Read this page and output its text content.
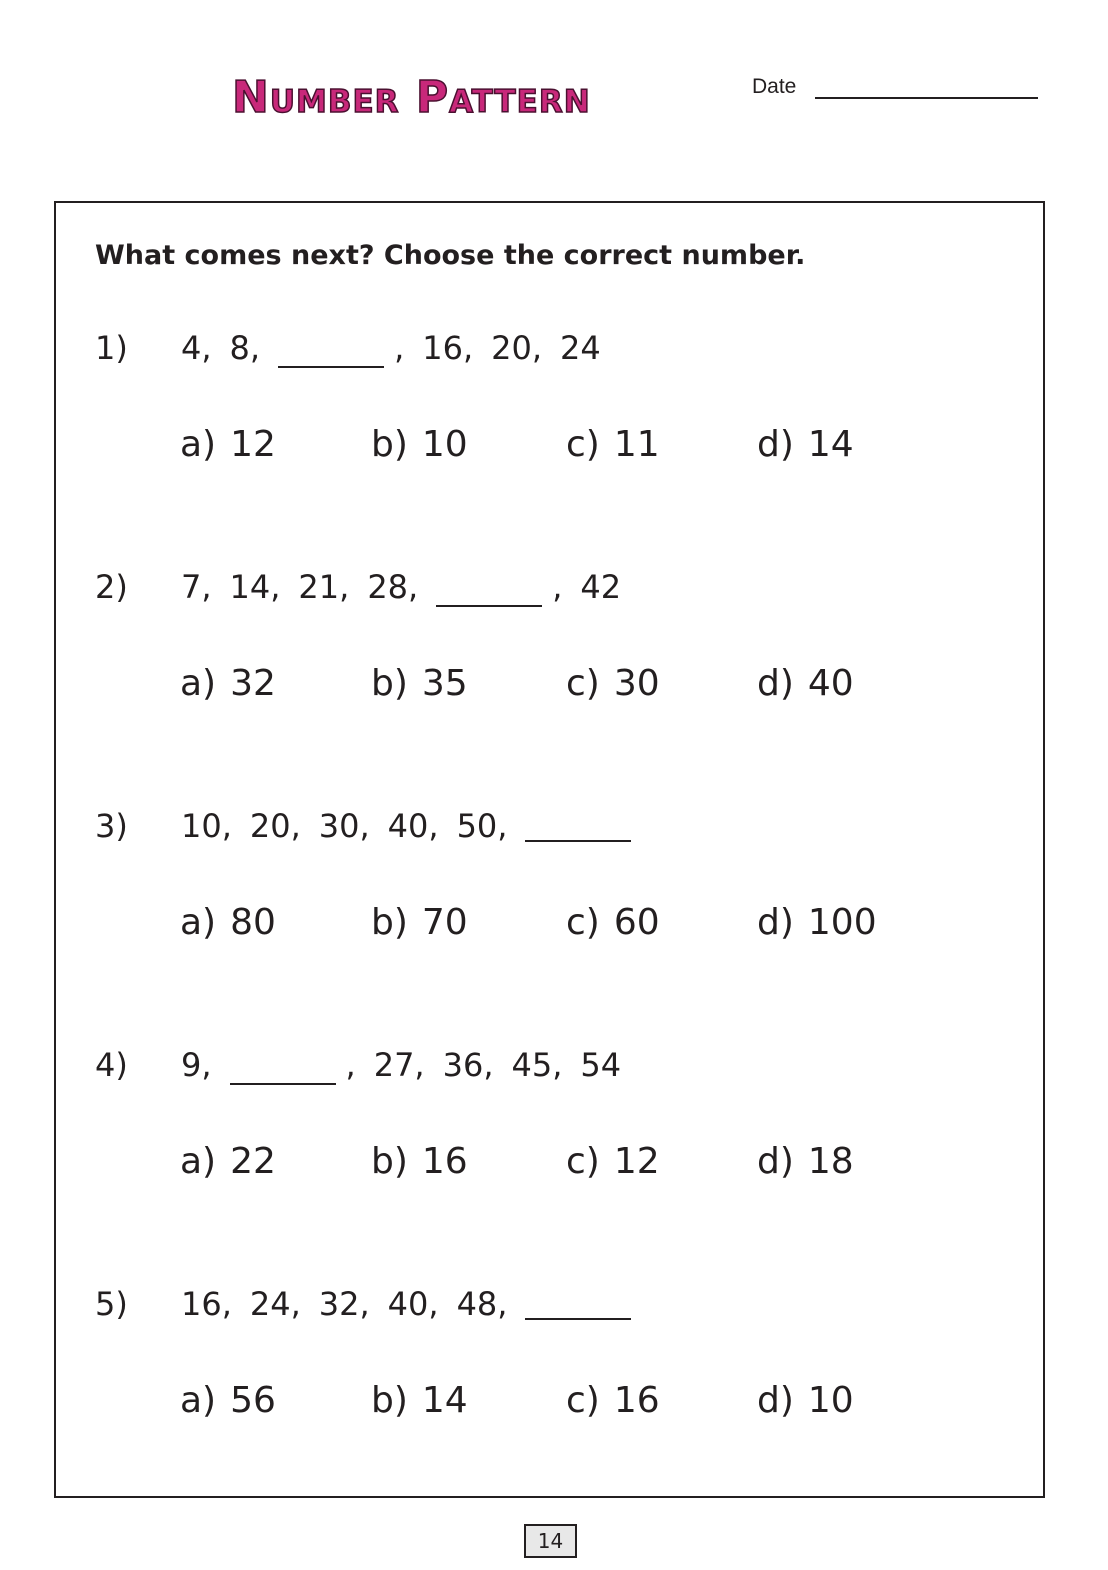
Number Pattern	Date
What comes next? Choose the correct number.
1) 4, 8,	, 16, 20, 24
a) 12	b) 10	c) 11	d) 14
2) 7, 14, 21, 28,	, 42
a) 32	b) 35	c) 30	d) 40
3) 10, 20, 30, 40, 50,
a) 80	b) 70	c) 60	d) 100
4) 9,	, 27, 36, 45, 54
a) 22	b) 16	c) 12	d) 18
5) 16, 24, 32, 40, 48,
a) 56	b) 14	c) 16	d) 10
14
